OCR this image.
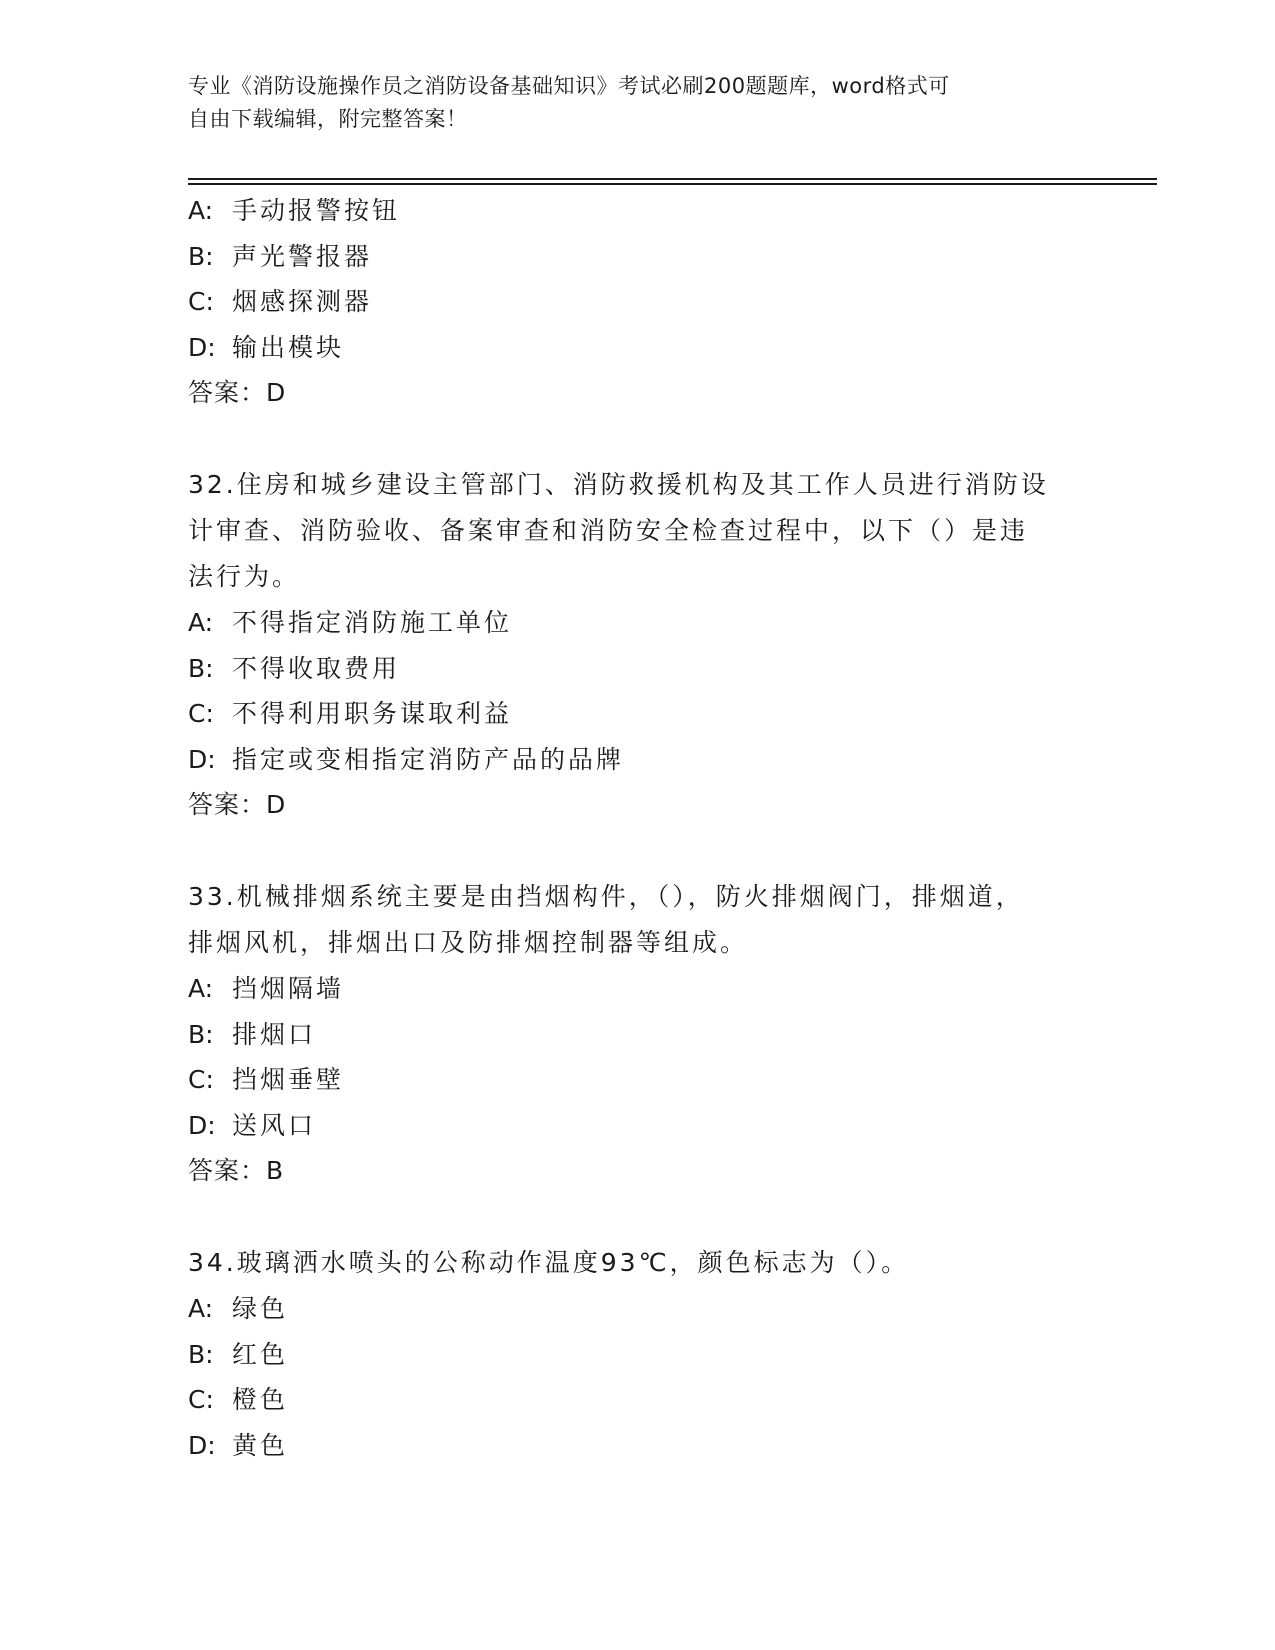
专业《消防设施操作员之消防设备基础知识》考试必刷200题题库，word格式可
自由下载编辑，附完整答案！
A: 手动报警按钮
B: 声光警报器
C: 烟感探测器
D: 输出模块
答案：D
32.住房和城乡建设主管部门、消防救援机构及其工作人员进行消防设
计审查、消防验收、备案审查和消防安全检查过程中，以下（）是违
法行为。
A: 不得指定消防施工单位
B: 不得收取费用
C: 不得利用职务谋取利益
D: 指定或变相指定消防产品的品牌
答案：D
33.机械排烟系统主要是由挡烟构件，（），防火排烟阀门，排烟道，
排烟风机，排烟出口及防排烟控制器等组成。
A: 挡烟隔墙
B: 排烟口
C: 挡烟垂壁
D: 送风口
答案：B
34.玻璃洒水喷头的公称动作温度93℃，颜色标志为（）。
A: 绿色
B: 红色
C: 橙色
D: 黄色
